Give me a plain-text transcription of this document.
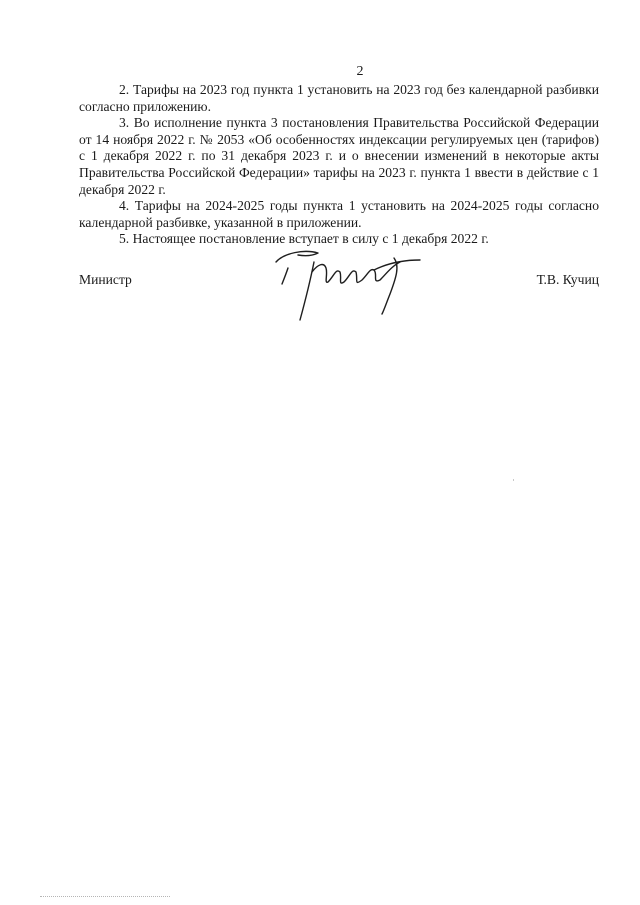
2

2. Тарифы на 2023 год пункта 1 установить на 2023 год без календарной разбивки согласно приложению.

3. Во исполнение пункта 3 постановления Правительства Российской Федерации от 14 ноября 2022 г. № 2053 «Об особенностях индексации регулируемых цен (тарифов) с 1 декабря 2022 г. по 31 декабря 2023 г. и о внесении изменений в некоторые акты Правительства Российской Федерации» тарифы на 2023 г. пункта 1 ввести в действие с 1 декабря 2022 г.

4. Тарифы на 2024-2025 годы пункта 1 установить на 2024-2025 годы согласно календарной разбивке, указанной в приложении.

5. Настоящее постановление вступает в силу с 1 декабря 2022 г.

Министр	Т.В. Кучиц
